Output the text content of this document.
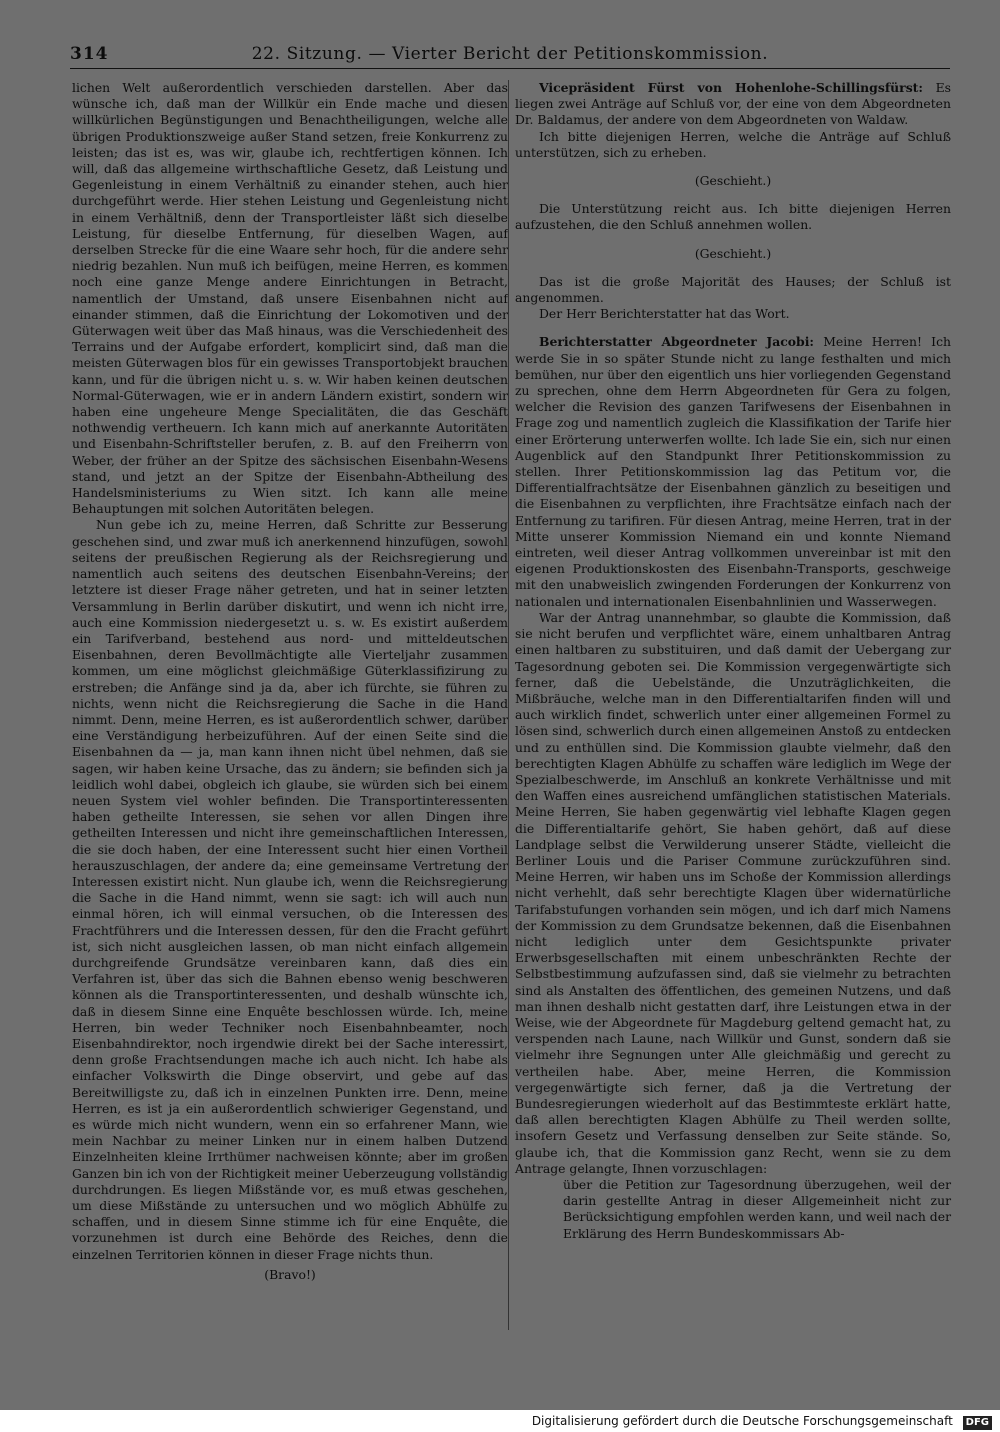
314	22. Sitzung. — Vierter Bericht der Petitionskommission.

lichen Welt außerordentlich verschieden darstellen. Aber das wünsche ich, daß man der Willkür ein Ende mache und diesen willkürlichen Begünstigungen und Benachtheiligungen, welche alle übrigen Produktionszweige außer Stand setzen, freie Konkurrenz zu leisten; das ist es, was wir, glaube ich, rechtfertigen können. Ich will, daß das allgemeine wirthschaftliche Gesetz, daß Leistung und Gegenleistung in einem Verhältniß zu einander stehen, auch hier durchgeführt werde. Hier stehen Leistung und Gegenleistung nicht in einem Verhältniß, denn der Transportleister läßt sich dieselbe Leistung, für dieselbe Entfernung, für dieselben Wagen, auf derselben Strecke für die eine Waare sehr hoch, für die andere sehr niedrig bezahlen. Nun muß ich beifügen, meine Herren, es kommen noch eine ganze Menge andere Einrichtungen in Betracht, namentlich der Umstand, daß unsere Eisenbahnen nicht auf einander stimmen, daß die Einrichtung der Lokomotiven und der Güterwagen weit über das Maß hinaus, was die Verschiedenheit des Terrains und der Aufgabe erfordert, komplicirt sind, daß man die meisten Güterwagen blos für ein gewisses Transportobjekt brauchen kann, und für die übrigen nicht u. s. w. Wir haben keinen deutschen Normal-Güterwagen, wie er in andern Ländern existirt, sondern wir haben eine ungeheure Menge Specialitäten, die das Geschäft nothwendig vertheuern. Ich kann mich auf anerkannte Autoritäten und Eisenbahn-Schriftsteller berufen, z. B. auf den Freiherrn von Weber, der früher an der Spitze des sächsischen Eisenbahn-Wesens stand, und jetzt an der Spitze der Eisenbahn-Abtheilung des Handelsministeriums zu Wien sitzt. Ich kann alle meine Behauptungen mit solchen Autoritäten belegen.

Nun gebe ich zu, meine Herren, daß Schritte zur Besserung geschehen sind, und zwar muß ich anerkennend hinzufügen, sowohl seitens der preußischen Regierung als der Reichsregierung und namentlich auch seitens des deutschen Eisenbahn-Vereins; der letztere ist dieser Frage näher getreten, und hat in seiner letzten Versammlung in Berlin darüber diskutirt, und wenn ich nicht irre, auch eine Kommission niedergesetzt u. s. w. Es existirt außerdem ein Tarifverband, bestehend aus nord- und mitteldeutschen Eisenbahnen, deren Bevollmächtigte alle Vierteljahr zusammen kommen, um eine möglichst gleichmäßige Güterklassifizirung zu erstreben; die Anfänge sind ja da, aber ich fürchte, sie führen zu nichts, wenn nicht die Reichsregierung die Sache in die Hand nimmt. Denn, meine Herren, es ist außerordentlich schwer, darüber eine Verständigung herbeizuführen. Auf der einen Seite sind die Eisenbahnen da — ja, man kann ihnen nicht übel nehmen, daß sie sagen, wir haben keine Ursache, das zu ändern; sie befinden sich ja leidlich wohl dabei, obgleich ich glaube, sie würden sich bei einem neuen System viel wohler befinden. Die Transportinteressenten haben getheilte Interessen, sie sehen vor allen Dingen ihre getheilten Interessen und nicht ihre gemeinschaftlichen Interessen, die sie doch haben, der eine Interessent sucht hier einen Vortheil herauszuschlagen, der andere da; eine gemeinsame Vertretung der Interessen existirt nicht. Nun glaube ich, wenn die Reichsregierung die Sache in die Hand nimmt, wenn sie sagt: ich will auch nun einmal hören, ich will einmal versuchen, ob die Interessen des Frachtführers und die Interessen dessen, für den die Fracht geführt ist, sich nicht ausgleichen lassen, ob man nicht einfach allgemein durchgreifende Grundsätze vereinbaren kann, daß dies ein Verfahren ist, über das sich die Bahnen ebenso wenig beschweren können als die Transportinteressenten, und deshalb wünschte ich, daß in diesem Sinne eine Enquête beschlossen würde. Ich, meine Herren, bin weder Techniker noch Eisenbahnbeamter, noch Eisenbahndirektor, noch irgendwie direkt bei der Sache interessirt, denn große Frachtsendungen mache ich auch nicht. Ich habe als einfacher Volkswirth die Dinge observirt, und gebe auf das Bereitwilligste zu, daß ich in einzelnen Punkten irre. Denn, meine Herren, es ist ja ein außerordentlich schwieriger Gegenstand, und es würde mich nicht wundern, wenn ein so erfahrener Mann, wie mein Nachbar zu meiner Linken nur in einem halben Dutzend Einzelnheiten kleine Irrthümer nachweisen könnte; aber im großen Ganzen bin ich von der Richtigkeit meiner Ueberzeugung vollständig durchdrungen. Es liegen Mißstände vor, es muß etwas geschehen, um diese Mißstände zu untersuchen und wo möglich Abhülfe zu schaffen, und in diesem Sinne stimme ich für eine Enquête, die vorzunehmen ist durch eine Behörde des Reiches, denn die einzelnen Territorien können in dieser Frage nichts thun.

(Bravo!)

Vicepräsident Fürst von Hohenlohe-Schillingsfürst: Es liegen zwei Anträge auf Schluß vor, der eine von dem Abgeordneten Dr. Baldamus, der andere von dem Abgeordneten von Waldaw.

Ich bitte diejenigen Herren, welche die Anträge auf Schluß unterstützen, sich zu erheben.

(Geschieht.)

Die Unterstützung reicht aus. Ich bitte diejenigen Herren aufzustehen, die den Schluß annehmen wollen.

(Geschieht.)

Das ist die große Majorität des Hauses; der Schluß ist angenommen.

Der Herr Berichterstatter hat das Wort.

Berichterstatter Abgeordneter Jacobi: Meine Herren! Ich werde Sie in so später Stunde nicht zu lange festhalten und mich bemühen, nur über den eigentlich uns hier vorliegenden Gegenstand zu sprechen, ohne dem Herrn Abgeordneten für Gera zu folgen, welcher die Revision des ganzen Tarifwesens der Eisenbahnen in Frage zog und namentlich zugleich die Klassifikation der Tarife hier einer Erörterung unterwerfen wollte. Ich lade Sie ein, sich nur einen Augenblick auf den Standpunkt Ihrer Petitionskommission zu stellen. Ihrer Petitionskommission lag das Petitum vor, die Differentialfrachtsätze der Eisenbahnen gänzlich zu beseitigen und die Eisenbahnen zu verpflichten, ihre Frachtsätze einfach nach der Entfernung zu tarifiren. Für diesen Antrag, meine Herren, trat in der Mitte unserer Kommission Niemand ein und konnte Niemand eintreten, weil dieser Antrag vollkommen unvereinbar ist mit den eigenen Produktionskosten des Eisenbahn-Transports, geschweige mit den unabweislich zwingenden Forderungen der Konkurrenz von nationalen und internationalen Eisenbahnlinien und Wasserwegen.

War der Antrag unannehmbar, so glaubte die Kommission, daß sie nicht berufen und verpflichtet wäre, einem unhaltbaren Antrag einen haltbaren zu substituiren, und daß damit der Uebergang zur Tagesordnung geboten sei. Die Kommission vergegenwärtigte sich ferner, daß die Uebelstände, die Unzuträglichkeiten, die Mißbräuche, welche man in den Differentialtarifen finden will und auch wirklich findet, schwerlich unter einer allgemeinen Formel zu lösen sind, schwerlich durch einen allgemeinen Anstoß zu entdecken und zu enthüllen sind. Die Kommission glaubte vielmehr, daß den berechtigten Klagen Abhülfe zu schaffen wäre lediglich im Wege der Spezialbeschwerde, im Anschluß an konkrete Verhältnisse und mit den Waffen eines ausreichend umfänglichen statistischen Materials. Meine Herren, Sie haben gegenwärtig viel lebhafte Klagen gegen die Differentialtarife gehört, Sie haben gehört, daß auf diese Landplage selbst die Verwilderung unserer Städte, vielleicht die Berliner Louis und die Pariser Commune zurückzuführen sind. Meine Herren, wir haben uns im Schoße der Kommission allerdings nicht verhehlt, daß sehr berechtigte Klagen über widernatürliche Tarifabstufungen vorhanden sein mögen, und ich darf mich Namens der Kommission zu dem Grundsatze bekennen, daß die Eisenbahnen nicht lediglich unter dem Gesichtspunkte privater Erwerbsgesellschaften mit einem unbeschränkten Rechte der Selbstbestimmung aufzufassen sind, daß sie vielmehr zu betrachten sind als Anstalten des öffentlichen, des gemeinen Nutzens, und daß man ihnen deshalb nicht gestatten darf, ihre Leistungen etwa in der Weise, wie der Abgeordnete für Magdeburg geltend gemacht hat, zu verspenden nach Laune, nach Willkür und Gunst, sondern daß sie vielmehr ihre Segnungen unter Alle gleichmäßig und gerecht zu vertheilen habe. Aber, meine Herren, die Kommission vergegenwärtigte sich ferner, daß ja die Vertretung der Bundesregierungen wiederholt auf das Bestimmteste erklärt hatte, daß allen berechtigten Klagen Abhülfe zu Theil werden sollte, insofern Gesetz und Verfassung denselben zur Seite stände. So, glaube ich, that die Kommission ganz Recht, wenn sie zu dem Antrage gelangte, Ihnen vorzuschlagen:

über die Petition zur Tagesordnung überzugehen, weil der darin gestellte Antrag in dieser Allgemeinheit nicht zur Berücksichtigung empfohlen werden kann, und weil nach der Erklärung des Herrn Bundeskommissars Ab-

Digitalisierung gefördert durch die Deutsche Forschungsgemeinschaft DFG
